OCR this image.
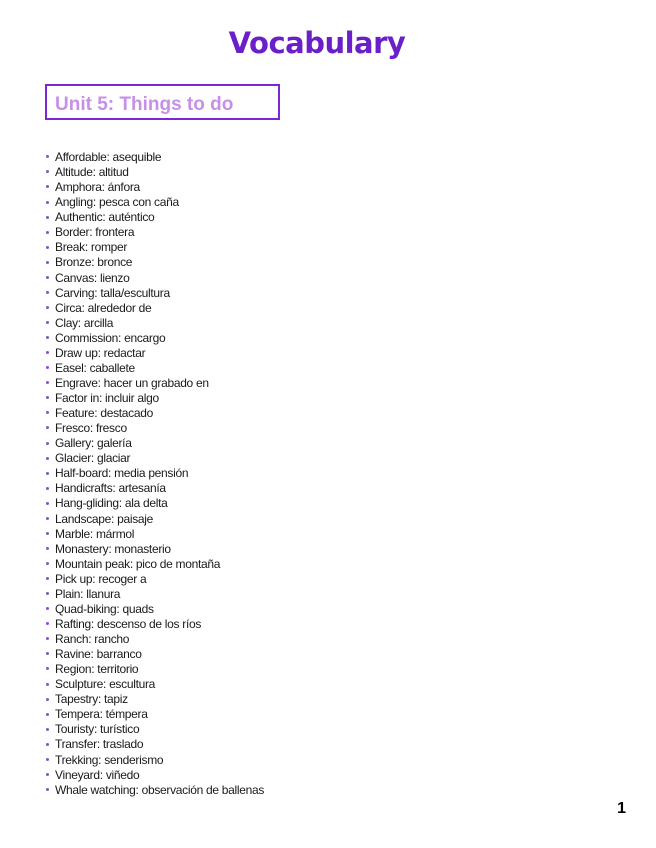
Vocabulary
Unit 5: Things to do
Affordable: asequible
Altitude: altitud
Amphora: ánfora
Angling: pesca con caña
Authentic: auténtico
Border: frontera
Break: romper
Bronze: bronce
Canvas: lienzo
Carving: talla/escultura
Circa: alrededor de
Clay: arcilla
Commission: encargo
Draw up: redactar
Easel: caballete
Engrave: hacer un grabado en
Factor in: incluir algo
Feature: destacado
Fresco: fresco
Gallery: galería
Glacier: glaciar
Half-board: media pensión
Handicrafts: artesanía
Hang-gliding: ala delta
Landscape: paisaje
Marble: mármol
Monastery: monasterio
Mountain peak: pico de montaña
Pick up: recoger a
Plain: llanura
Quad-biking: quads
Rafting: descenso de los ríos
Ranch: rancho
Ravine: barranco
Region: territorio
Sculpture: escultura
Tapestry: tapiz
Tempera: témpera
Touristy: turístico
Transfer: traslado
Trekking: senderismo
Vineyard: viñedo
Whale watching: observación de ballenas
1
